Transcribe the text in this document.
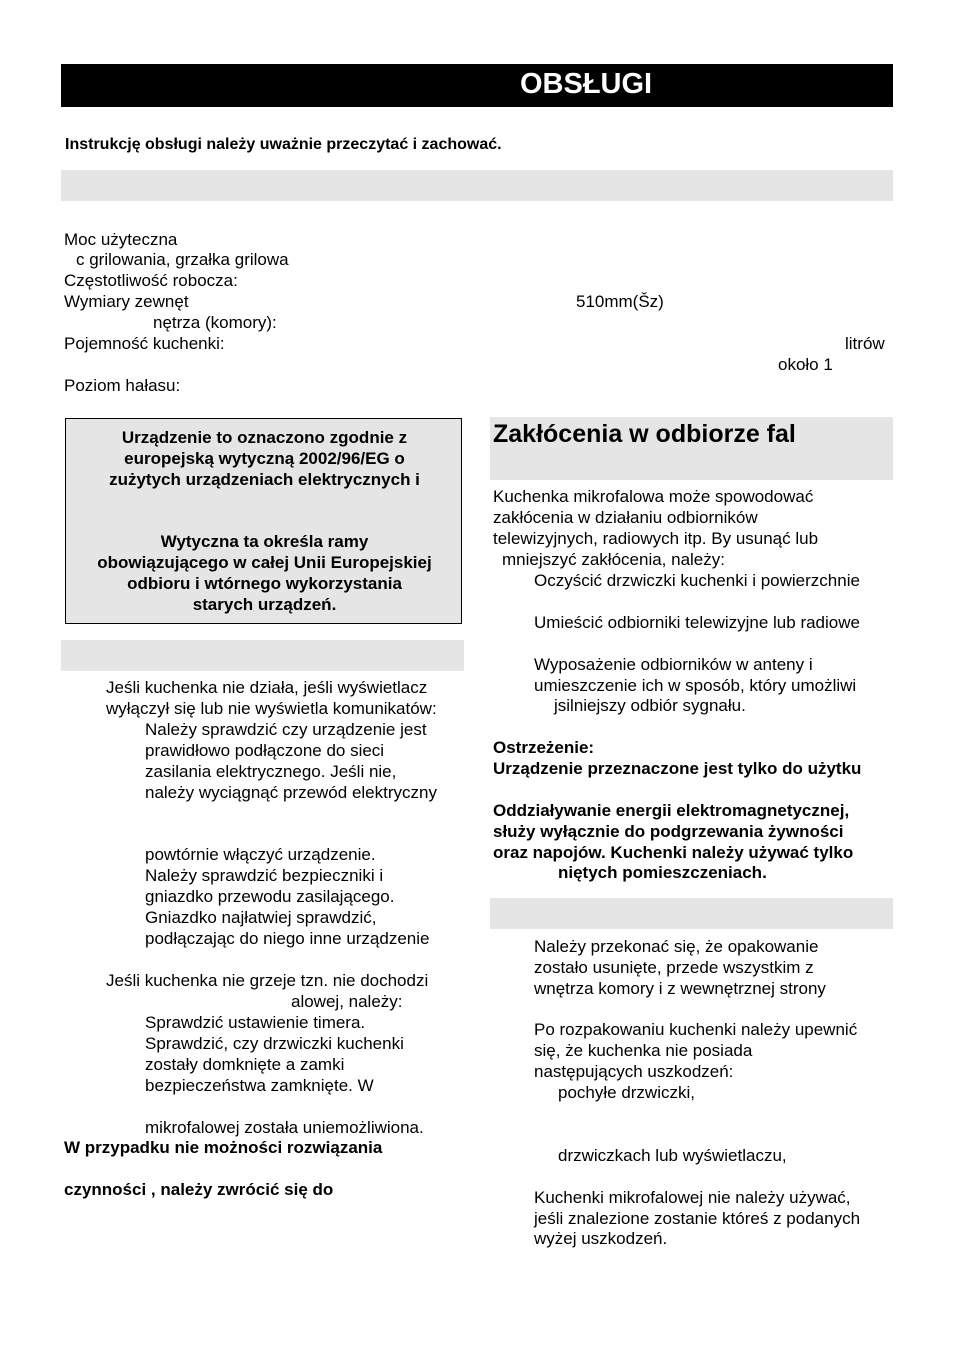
OBSŁUGI
Instrukcję obsługi należy uważnie przeczytać i zachować.
Moc użyteczna
c grilowania, grzałka grilowa
Częstotliwość robocza:
Wymiary zewnęt	510mm(Šz)
nętrza (komory):
Pojemność kuchenki:	litrów
około 1
Poziom hałasu:
Urządzenie to oznaczono zgodnie z
europejską wytyczną 2002/96/EG o
zużytych urządzeniach elektrycznych i
Wytyczna ta określa ramy
obowiązującego w całej Unii Europejskiej
odbioru i wtórnego wykorzystania
starych urządzeń.
Jeśli kuchenka nie działa, jeśli wyświetlacz
wyłączył się lub nie wyświetla komunikatów:
Należy sprawdzić czy urządzenie jest
prawidłowo podłączone do sieci
zasilania elektrycznego. Jeśli nie,
należy wyciągnąć przewód elektryczny
powtórnie włączyć urządzenie.
Należy sprawdzić bezpieczniki i
gniazdko przewodu zasilającego.
Gniazdko najłatwiej sprawdzić,
podłączając do niego inne urządzenie
Jeśli kuchenka nie grzeje tzn. nie dochodzi
alowej, należy:
Sprawdzić ustawienie timera.
Sprawdzić, czy drzwiczki kuchenki
zostały domknięte a zamki
bezpieczeństwa zamknięte. W
mikrofalowej została uniemożliwiona.
W przypadku nie możności rozwiązania
czynności , należy zwrócić się do
Zakłócenia w odbiorze fal
Kuchenka mikrofalowa może spowodować
zakłócenia w działaniu odbiorników
telewizyjnych, radiowych itp. By usunąć lub
mniejszyć zakłócenia, należy:
Oczyścić drzwiczki kuchenki i powierzchnie
Umieścić odbiorniki telewizyjne lub radiowe
Wyposażenie odbiorników w anteny i
umieszczenie ich w sposób, który umożliwi
jsilniejszy odbiór sygnału.
Ostrzeżenie:
Urządzenie przeznaczone jest tylko do użytku
Oddziaływanie energii elektromagnetycznej,
służy wyłącznie do podgrzewania żywności
oraz napojów. Kuchenki należy używać tylko
niętych pomieszczeniach.
Należy przekonać się, że opakowanie
zostało usunięte, przede wszystkim z
wnętrza komory i z wewnętrznej strony
Po rozpakowaniu kuchenki należy upewnić
się, że kuchenka nie posiada
następujących uszkodzeń:
pochyłe drzwiczki,
drzwiczkach lub wyświetlaczu,
Kuchenki mikrofalowej nie należy używać,
jeśli znalezione zostanie któreś z podanych
wyżej uszkodzeń.
